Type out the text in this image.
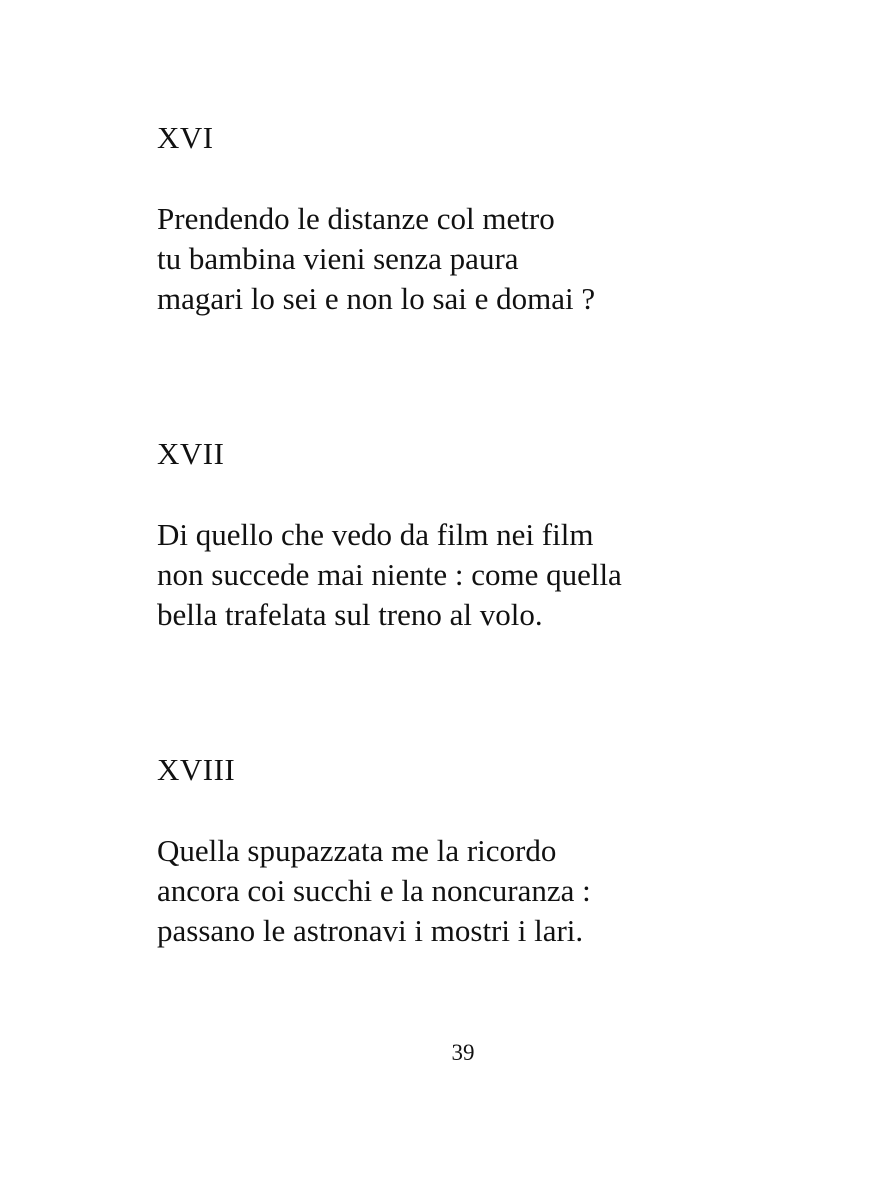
XVI
Prendendo le distanze col metro
tu bambina vieni senza paura
magari lo sei e non lo sai e domai ?
XVII
Di quello che vedo da film nei film
non succede mai niente : come quella
bella trafelata sul treno al volo.
XVIII
Quella spupazzata me la ricordo
ancora coi succhi e la noncuranza :
passano le astronavi i mostri i lari.
39
